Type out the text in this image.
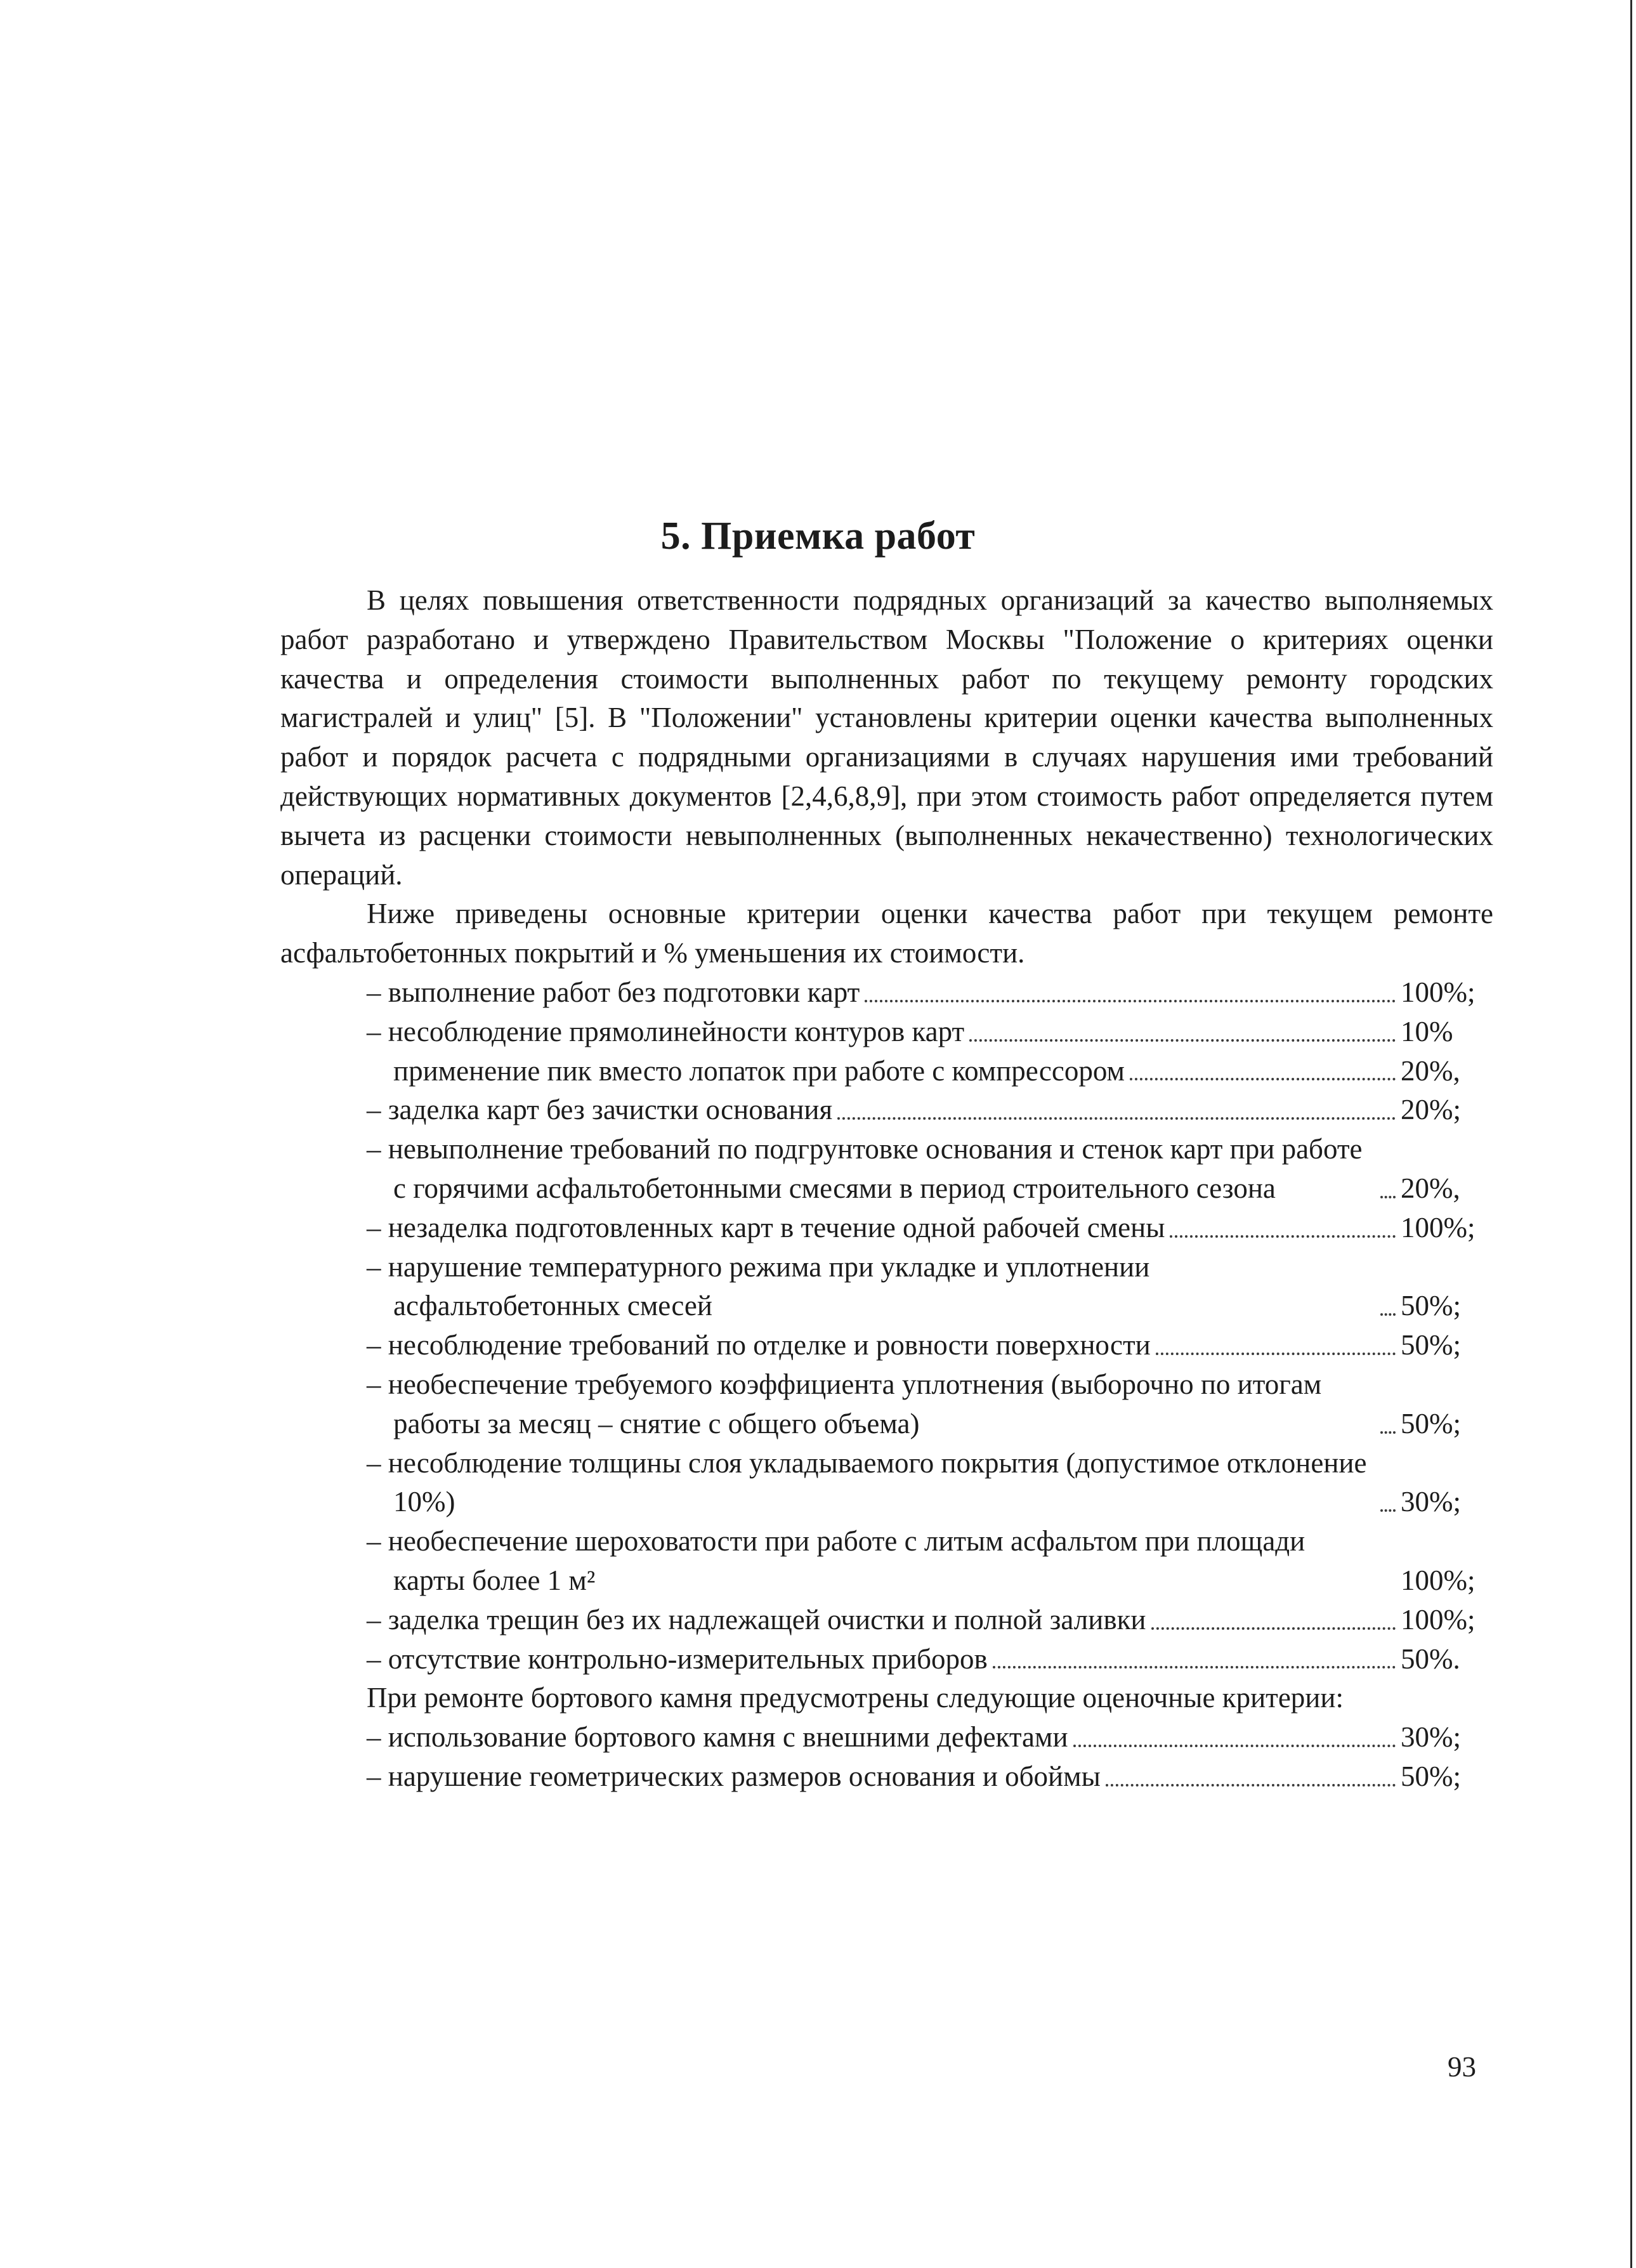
5. Приемка работ

В целях повышения ответственности подрядных организаций за качество выполняемых работ разработано и утверждено Правительством Москвы "Положение о критериях оценки качества и определения стоимости выполненных работ по текущему ремонту городских магистралей и улиц" [5]. В "Положении" установлены критерии оценки качества выполненных работ и порядок расчета с подрядными организациями в случаях нарушения ими требований действующих нормативных документов [2,4,6,8,9], при этом стоимость работ определяется путем вычета из расценки стоимости невыполненных (выполненных некачественно) технологических операций.

Ниже приведены основные критерии оценки качества работ при текущем ремонте асфальтобетонных покрытий и % уменьшения их стоимости.

– выполнение работ без подготовки карт	100%;
– несоблюдение прямолинейности контуров карт	10%
применение пик вместо лопаток при работе с компрессором	20%,
– заделка карт без зачистки основания	20%;
– невыполнение требований по подгрунтовке основания и стенок карт при работе с горячими асфальтобетонными смесями в период строительного сезона	20%,
– незаделка подготовленных карт в течение одной рабочей смены	100%;
– нарушение температурного режима при укладке и уплотнении асфальтобетонных смесей	50%;
– несоблюдение требований по отделке и ровности поверхности	50%;
– необеспечение требуемого коэффициента уплотнения (выборочно по итогам работы за месяц – снятие с общего объема)	50%;
– несоблюдение толщины слоя укладываемого покрытия (допустимое отклонение 10%)	30%;
– необеспечение шероховатости при работе с литым асфальтом при площади карты более 1 м²	100%;
– заделка трещин без их надлежащей очистки и полной заливки	100%;
– отсутствие контрольно-измерительных приборов	50%.

При ремонте бортового камня предусмотрены следующие оценочные критерии:

– использование бортового камня с внешними дефектами	30%;
– нарушение геометрических размеров основания и обоймы	50%;
93
